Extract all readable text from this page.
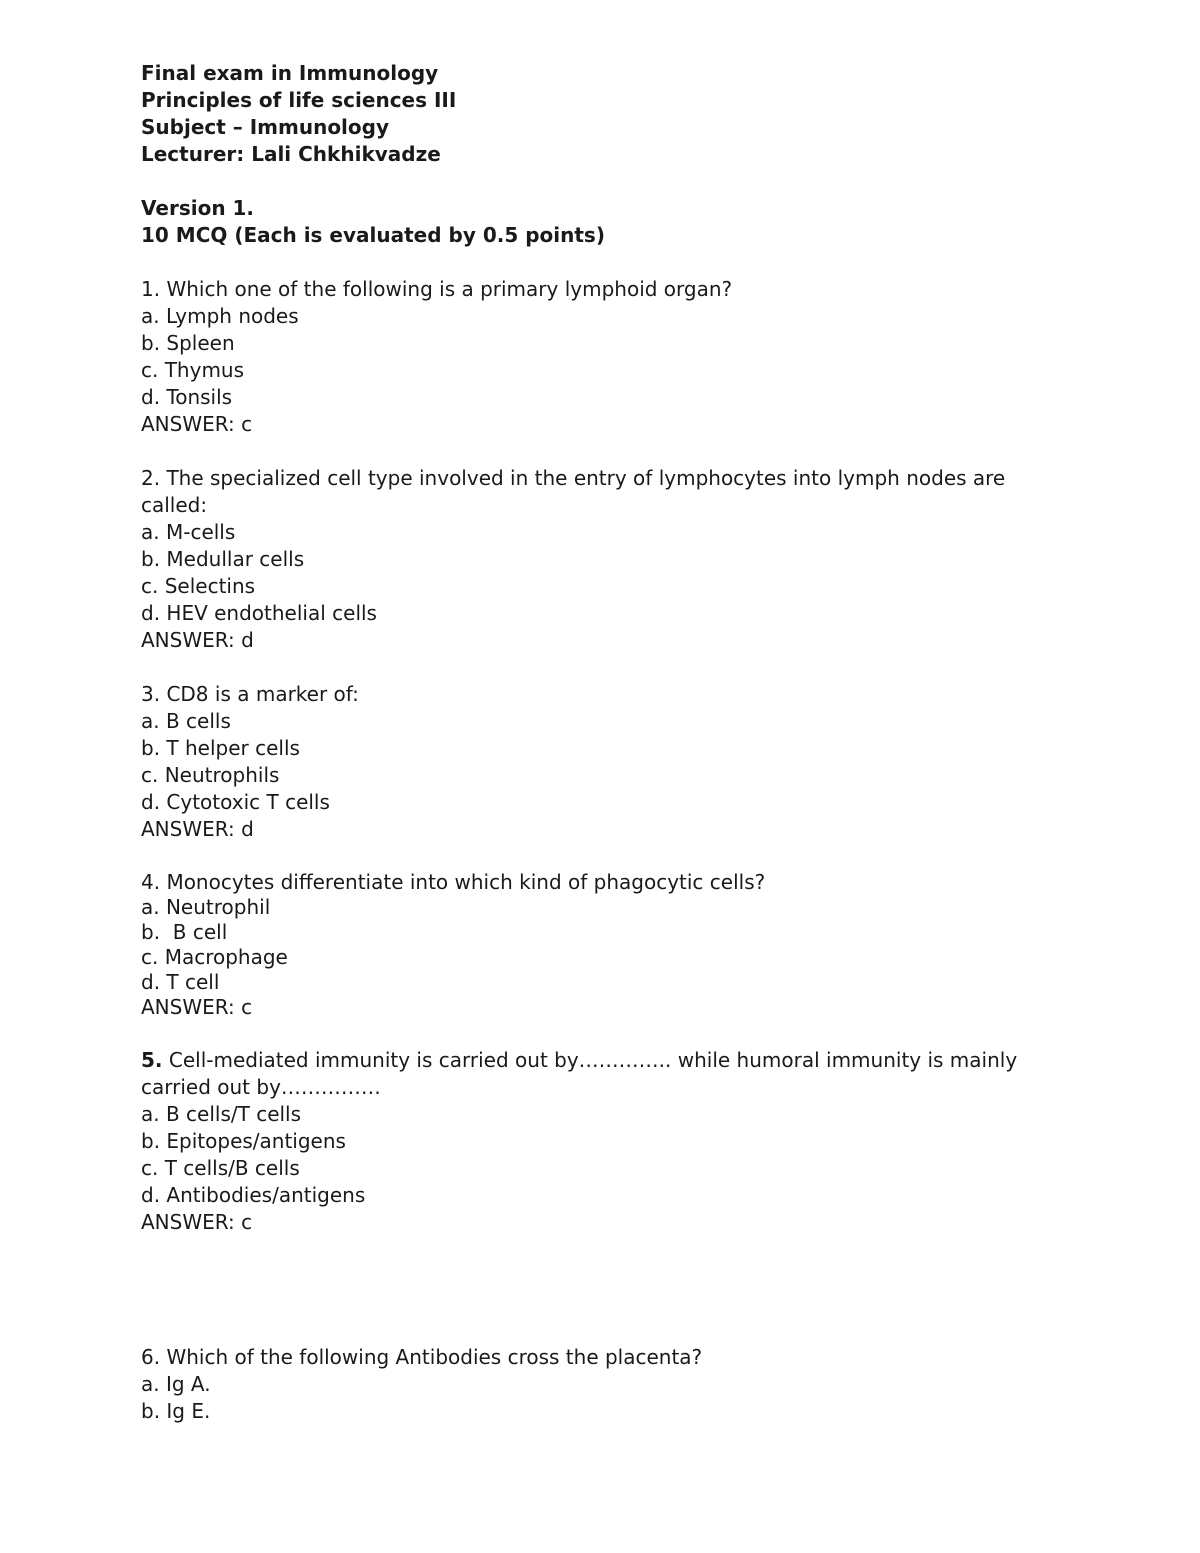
Final exam in Immunology
Principles of life sciences III
Subject – Immunology
Lecturer: Lali Chkhikvadze
Version 1.
10 MCQ (Each is evaluated by 0.5 points)
1. Which one of the following is a primary lymphoid organ?
a. Lymph nodes
b. Spleen
c. Thymus
d. Tonsils
ANSWER: c
2. The specialized cell type involved in the entry of lymphocytes into lymph nodes are called:
a. M-cells
b. Medullar cells
c. Selectins
d. HEV endothelial cells
ANSWER: d
3. CD8 is a marker of:
a. B cells
b. T helper cells
c. Neutrophils
d. Cytotoxic T cells
ANSWER: d
4. Monocytes differentiate into which kind of phagocytic cells?
a. Neutrophil
b.  B cell
c. Macrophage
d. T cell
ANSWER: c
5. Cell-mediated immunity is carried out by………….. while humoral immunity is mainly carried out by……………
a. B cells/T cells
b. Epitopes/antigens
c. T cells/B cells
d. Antibodies/antigens
ANSWER: c
6. Which of the following Antibodies cross the placenta?
a. Ig A.
b. Ig E.
